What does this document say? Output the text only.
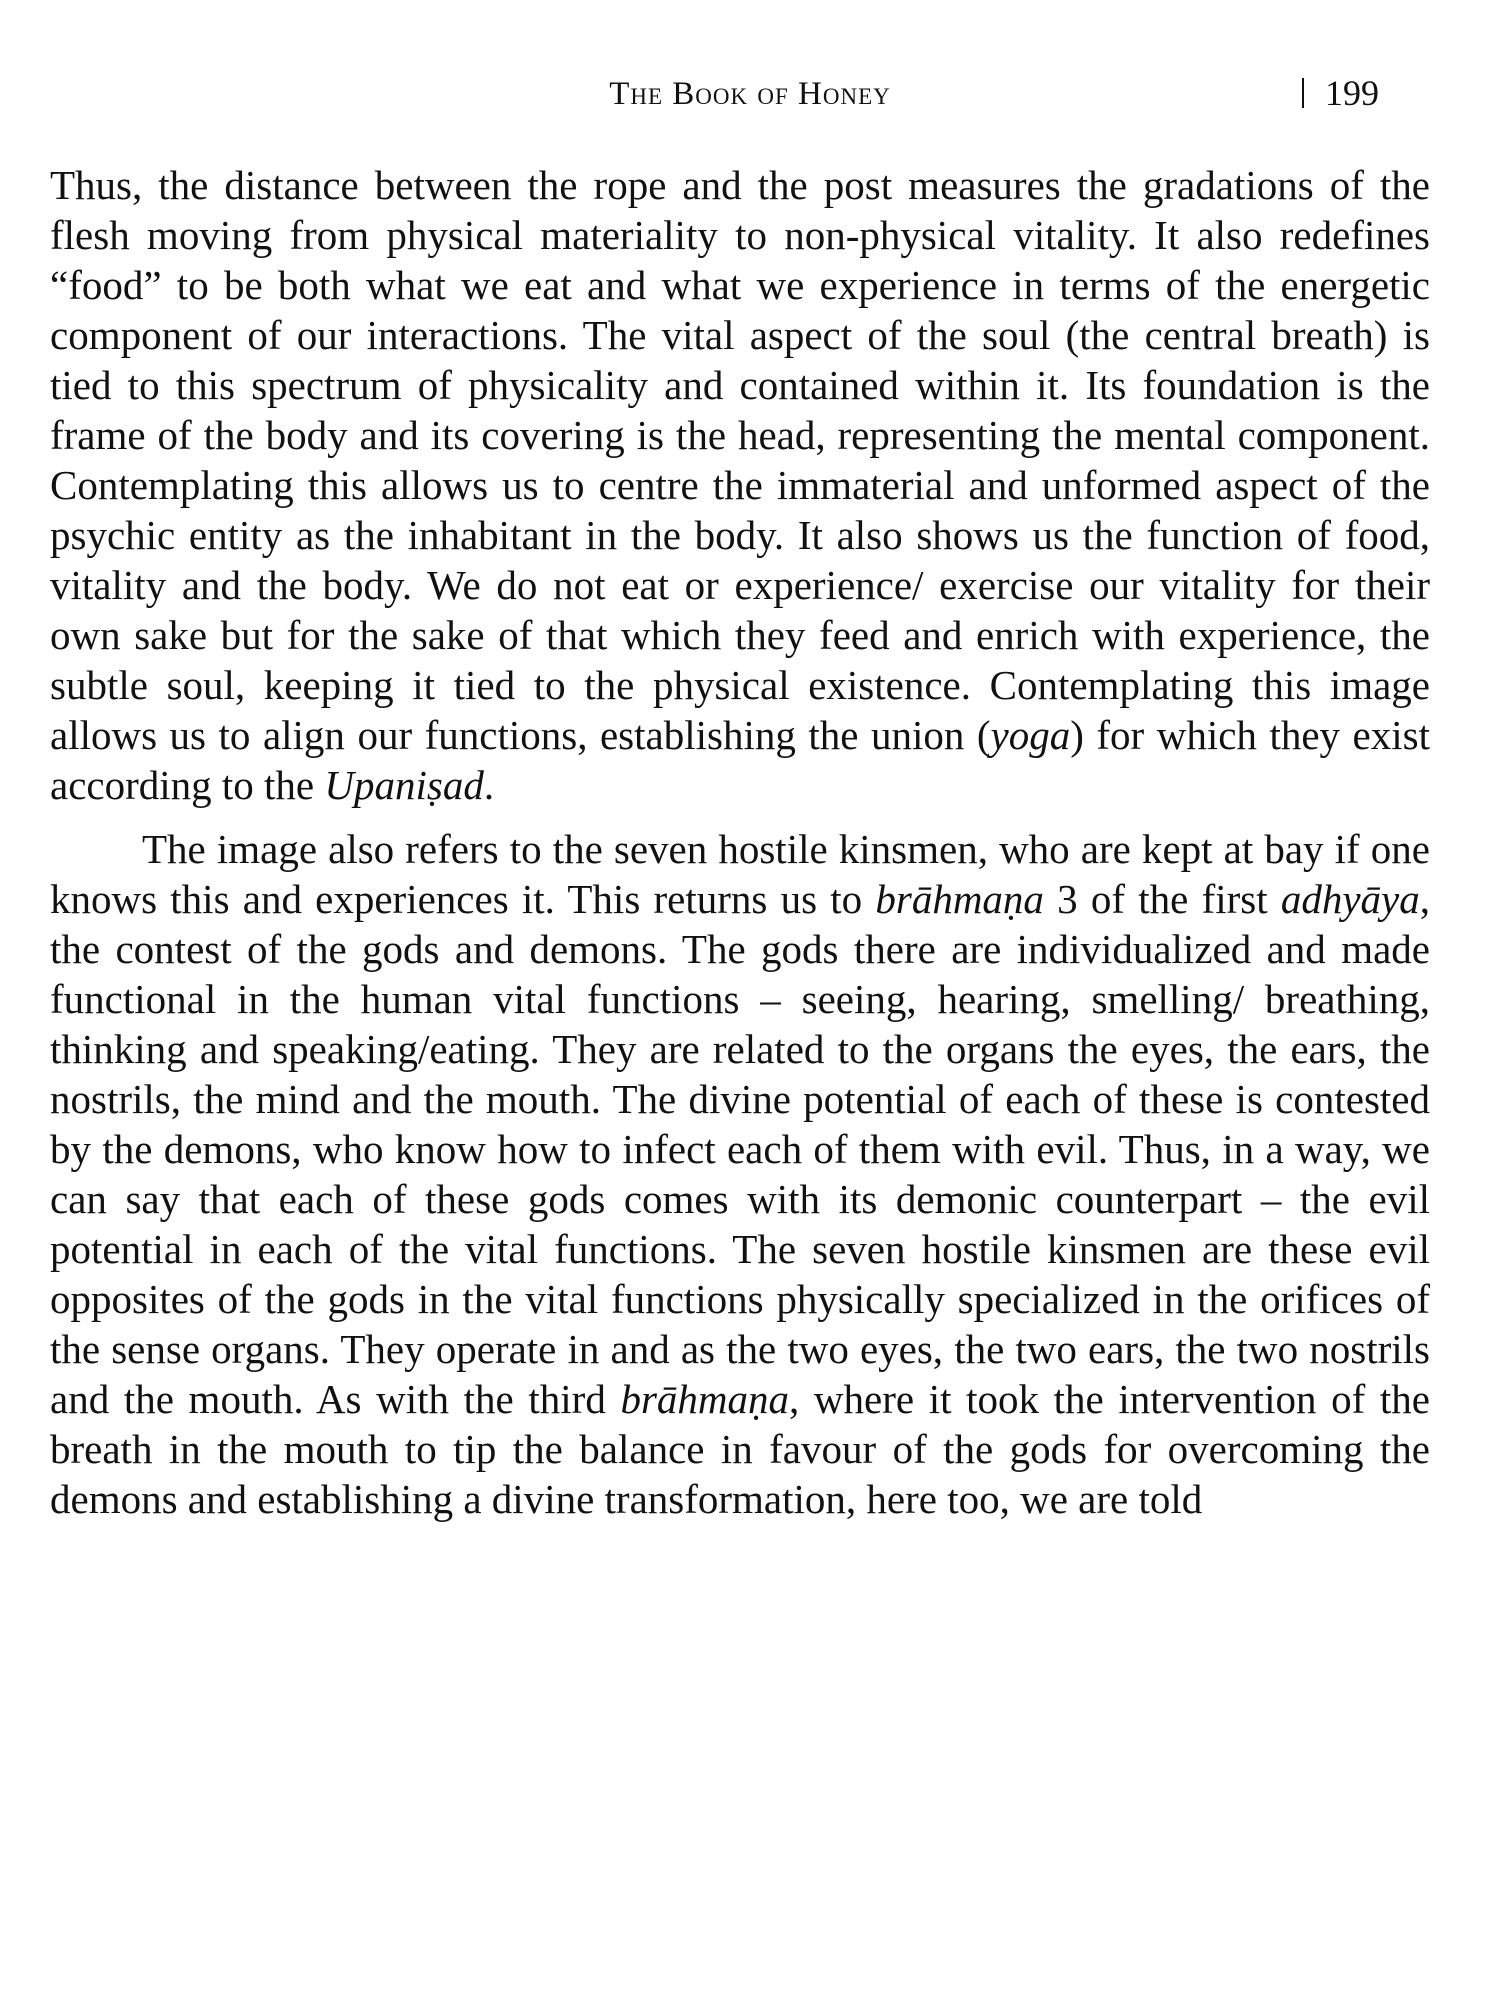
The Book of Honey	199

Thus, the distance between the rope and the post measures the gradations of the flesh moving from physical materiality to non-physical vitality. It also redefines “food” to be both what we eat and what we experience in terms of the energetic component of our interactions. The vital aspect of the soul (the central breath) is tied to this spectrum of physicality and contained within it. Its foundation is the frame of the body and its covering is the head, representing the mental component. Contemplating this allows us to centre the immaterial and unformed aspect of the psychic entity as the inhabitant in the body. It also shows us the function of food, vitality and the body. We do not eat or experience/ exercise our vitality for their own sake but for the sake of that which they feed and enrich with experience, the subtle soul, keeping it tied to the physical existence. Contemplating this image allows us to align our functions, establishing the union (yoga) for which they exist according to the Upaniṣad.

The image also refers to the seven hostile kinsmen, who are kept at bay if one knows this and experiences it. This returns us to brāhmaṇa 3 of the first adhyāya, the contest of the gods and demons. The gods there are individualized and made functional in the human vital functions – seeing, hearing, smelling/ breathing, thinking and speaking/eating. They are related to the organs the eyes, the ears, the nostrils, the mind and the mouth. The divine potential of each of these is contested by the demons, who know how to infect each of them with evil. Thus, in a way, we can say that each of these gods comes with its demonic counterpart – the evil potential in each of the vital functions. The seven hostile kinsmen are these evil opposites of the gods in the vital functions physically specialized in the orifices of the sense organs. They operate in and as the two eyes, the two ears, the two nostrils and the mouth. As with the third brāhmaṇa, where it took the intervention of the breath in the mouth to tip the balance in favour of the gods for overcoming the demons and establishing a divine transformation, here too, we are told
